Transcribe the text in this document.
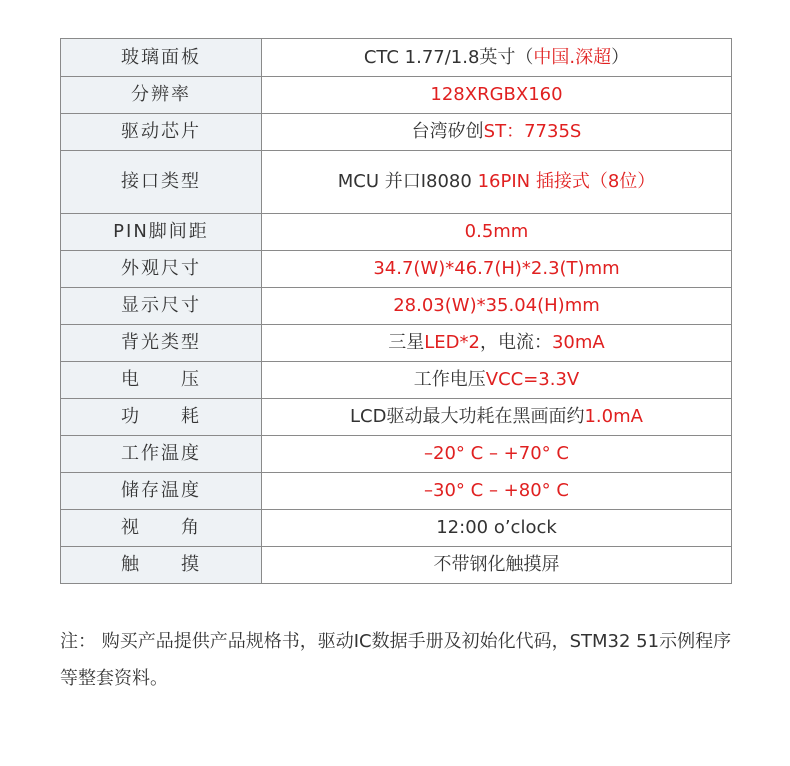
玻璃面板	CTC 1.77/1.8英寸（中国.深超）
分辨率	128XRGBX160
驱动芯片	台湾矽创ST：7735S
接口类型	MCU 并口I8080 16PIN 插接式（8位）
PIN脚间距	0.5mm
外观尺寸	34.7(W)*46.7(H)*2.3(T)mm
显示尺寸	28.03(W)*35.04(H)mm
背光类型	三星LED*2，电流：30mA
电　　压	工作电压VCC=3.3V
功　　耗	LCD驱动最大功耗在黑画面约1.0mA
工作温度	–20° C – +70° C
储存温度	–30° C – +80° C
视　　角	12:00 o’clock
触　　摸	不带钢化触摸屏
注： 购买产品提供产品规格书，驱动IC数据手册及初始化代码，STM32 51示例程序等整套资料。
